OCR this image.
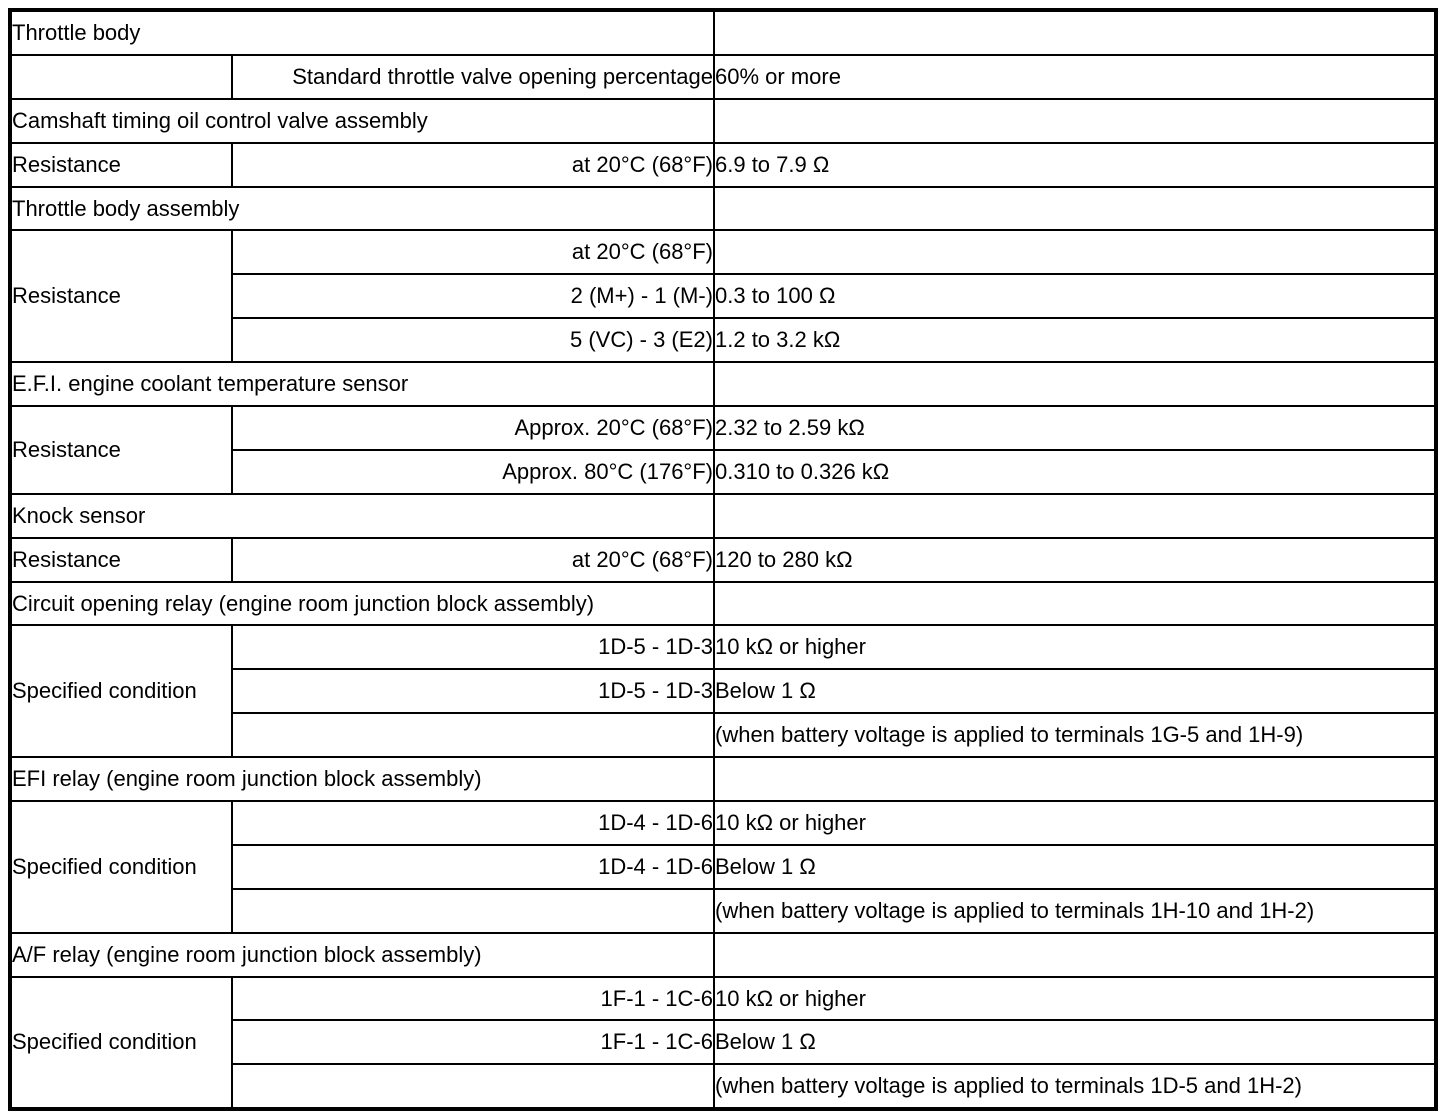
Throttle body		
	Standard throttle valve opening percentage	60% or more
Camshaft timing oil control valve assembly		
Resistance	at 20°C (68°F)	6.9 to 7.9 Ω
Throttle body assembly		
Resistance	at 20°C (68°F)	
	2 (M+) - 1 (M-)	0.3 to 100 Ω
	5 (VC) - 3 (E2)	1.2 to 3.2 kΩ
E.F.I. engine coolant temperature sensor		
Resistance	Approx. 20°C (68°F)	2.32 to 2.59 kΩ
	Approx. 80°C (176°F)	0.310 to 0.326 kΩ
Knock sensor		
Resistance	at 20°C (68°F)	120 to 280 kΩ
Circuit opening relay (engine room junction block assembly)		
Specified condition	1D-5 - 1D-3	10 kΩ or higher
	1D-5 - 1D-3	Below 1 Ω
		(when battery voltage is applied to terminals 1G-5 and 1H-9)
EFI relay (engine room junction block assembly)		
Specified condition	1D-4 - 1D-6	10 kΩ or higher
	1D-4 - 1D-6	Below 1 Ω
		(when battery voltage is applied to terminals 1H-10 and 1H-2)
A/F relay (engine room junction block assembly)		
Specified condition	1F-1 - 1C-6	10 kΩ or higher
	1F-1 - 1C-6	Below 1 Ω
		(when battery voltage is applied to terminals 1D-5 and 1H-2)
